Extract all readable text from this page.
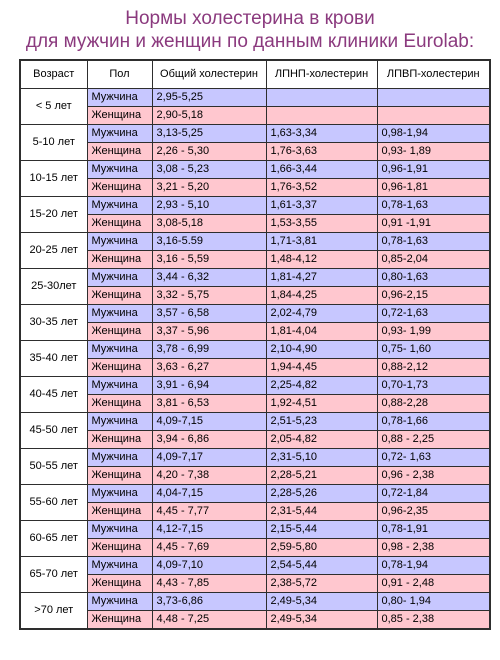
Нормы холестерина в крови
для мужчин и женщин по данным клиники Eurolab:
Возраст	Пол	Общий холестерин	ЛПНП-холестерин	ЛПВП-холестерин
< 5 лет	Мужчина	2,95-5,25		
	Женщина	2,90-5,18		
5-10 лет	Мужчина	3,13-5,25	1,63-3,34	0,98-1,94
	Женщина	2,26 - 5,30	1,76-3,63	0,93- 1,89
10-15 лет	Мужчина	3,08 - 5,23	1,66-3,44	0,96-1,91
	Женщина	3,21 - 5,20	1,76-3,52	0,96-1,81
15-20 лет	Мужчина	2,93 - 5,10	1,61-3,37	0,78-1,63
	Женщина	3,08-5,18	1,53-3,55	0,91 -1,91
20-25 лет	Мужчина	3,16-5.59	1,71-3,81	0,78-1,63
	Женщина	3,16 - 5,59	1,48-4,12	0,85-2,04
25-30лет	Мужчина	3,44 - 6,32	1,81-4,27	0,80-1,63
	Женщина	3,32 - 5,75	1,84-4,25	0,96-2,15
30-35 лет	Мужчина	3,57 - 6,58	2,02-4,79	0,72-1,63
	Женщина	3,37 - 5,96	1,81-4,04	0,93- 1,99
35-40 лет	Мужчина	3,78 - 6,99	2,10-4,90	0,75- 1,60
	Женщина	3,63 - 6,27	1,94-4,45	0,88-2,12
40-45 лет	Мужчина	3,91 - 6,94	2,25-4,82	0,70-1,73
	Женщина	3,81 - 6,53	1,92-4,51	0,88-2,28
45-50 лет	Мужчина	4,09-7,15	2,51-5,23	0,78-1,66
	Женщина	3,94 - 6,86	2,05-4,82	0,88 - 2,25
50-55 лет	Мужчина	4,09-7,17	2,31-5,10	0,72- 1,63
	Женщина	4,20 - 7,38	2,28-5,21	0,96 - 2,38
55-60 лет	Мужчина	4,04-7,15	2,28-5,26	0,72-1,84
	Женщина	4,45 - 7,77	2,31-5,44	0,96-2,35
60-65 лет	Мужчина	4,12-7,15	2,15-5,44	0,78-1,91
	Женщина	4,45 - 7,69	2,59-5,80	0,98 - 2,38
65-70 лет	Мужчина	4,09-7,10	2,54-5,44	0,78-1,94
	Женщина	4,43 - 7,85	2,38-5,72	0,91 - 2,48
>70 лет	Мужчина	3,73-6,86	2,49-5,34	0,80- 1,94
	Женщина	4,48 - 7,25	2,49-5,34	0,85 - 2,38
